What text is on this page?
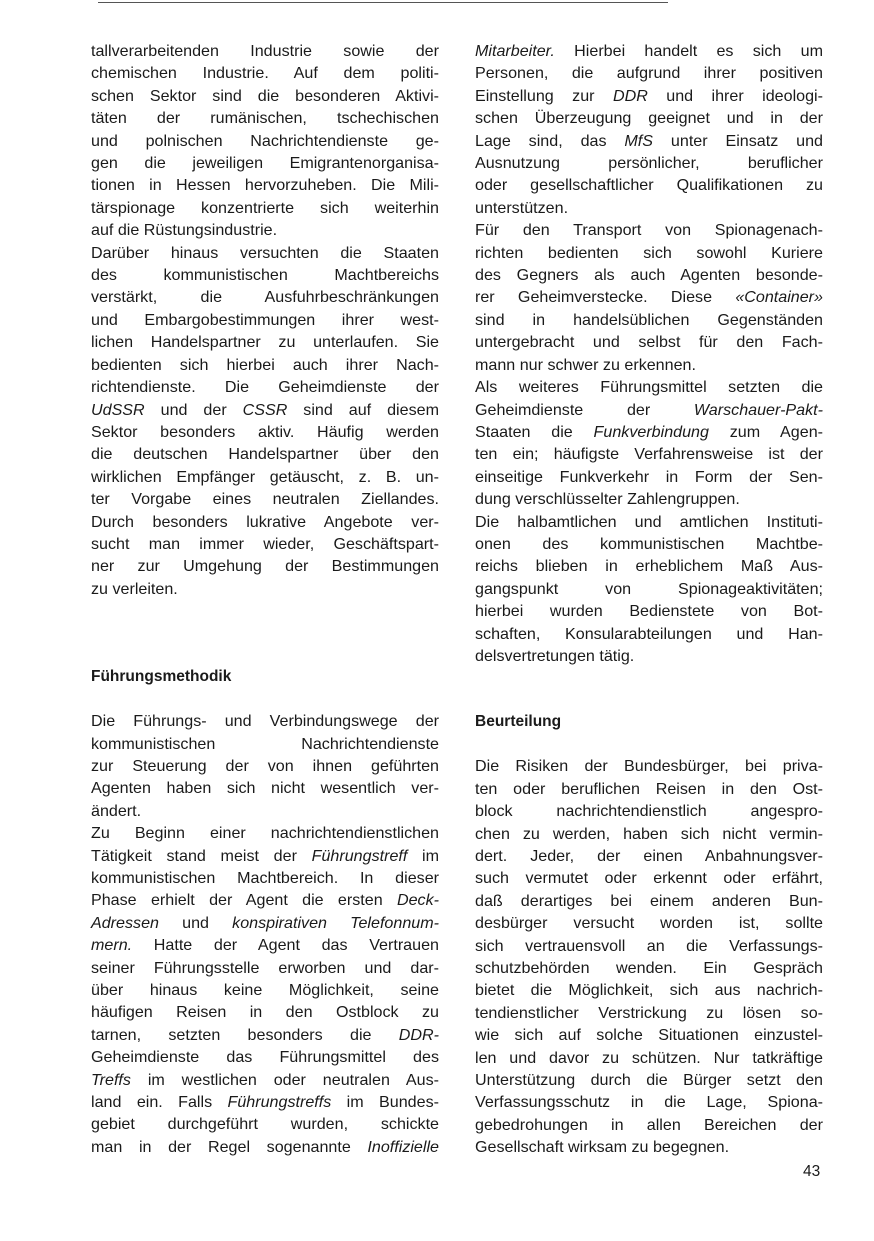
tallverarbeitenden Industrie sowie der
chemischen Industrie. Auf dem politi-
schen Sektor sind die besonderen Aktivi-
täten der rumänischen, tschechischen
und polnischen Nachrichtendienste ge-
gen die jeweiligen Emigrantenorganisa-
tionen in Hessen hervorzuheben. Die Mili-
tärspionage konzentrierte sich weiterhin
auf die Rüstungsindustrie.
Darüber hinaus versuchten die Staaten
des kommunistischen Machtbereichs
verstärkt, die Ausfuhrbeschränkungen
und Embargobestimmungen ihrer west-
lichen Handelspartner zu unterlaufen. Sie
bedienten sich hierbei auch ihrer Nach-
richtendienste. Die Geheimdienste der
UdSSR und der CSSR sind auf diesem
Sektor besonders aktiv. Häufig werden
die deutschen Handelspartner über den
wirklichen Empfänger getäuscht, z. B. un-
ter Vorgabe eines neutralen Ziellandes.
Durch besonders lukrative Angebote ver-
sucht man immer wieder, Geschäftspart-
ner zur Umgehung der Bestimmungen
zu verleiten.
Führungsmethodik
Die Führungs- und Verbindungswege der
kommunistischen Nachrichtendienste
zur Steuerung der von ihnen geführten
Agenten haben sich nicht wesentlich ver-
ändert.
Zu Beginn einer nachrichtendienstlichen
Tätigkeit stand meist der Führungstreff im
kommunistischen Machtbereich. In dieser
Phase erhielt der Agent die ersten Deck-
Adressen und konspirativen Telefonnum-
mern. Hatte der Agent das Vertrauen
seiner Führungsstelle erworben und dar-
über hinaus keine Möglichkeit, seine
häufigen Reisen in den Ostblock zu
tarnen, setzten besonders die DDR-
Geheimdienste das Führungsmittel des
Treffs im westlichen oder neutralen Aus-
land ein. Falls Führungstreffs im Bundes-
gebiet durchgeführt wurden, schickte
man in der Regel sogenannte Inoffizielle
Mitarbeiter. Hierbei handelt es sich um
Personen, die aufgrund ihrer positiven
Einstellung zur DDR und ihrer ideologi-
schen Überzeugung geeignet und in der
Lage sind, das MfS unter Einsatz und
Ausnutzung persönlicher, beruflicher
oder gesellschaftlicher Qualifikationen zu
unterstützen.
Für den Transport von Spionagenach-
richten bedienten sich sowohl Kuriere
des Gegners als auch Agenten besonde-
rer Geheimverstecke. Diese «Container»
sind in handelsüblichen Gegenständen
untergebracht und selbst für den Fach-
mann nur schwer zu erkennen.
Als weiteres Führungsmittel setzten die
Geheimdienste der Warschauer-Pakt-
Staaten die Funkverbindung zum Agen-
ten ein; häufigste Verfahrensweise ist der
einseitige Funkverkehr in Form der Sen-
dung verschlüsselter Zahlengruppen.
Die halbamtlichen und amtlichen Instituti-
onen des kommunistischen Machtbe-
reichs blieben in erheblichem Maß Aus-
gangspunkt von Spionageaktivitäten;
hierbei wurden Bedienstete von Bot-
schaften, Konsularabteilungen und Han-
delsvertretungen tätig.
Beurteilung
Die Risiken der Bundesbürger, bei priva-
ten oder beruflichen Reisen in den Ost-
block nachrichtendienstlich angespro-
chen zu werden, haben sich nicht vermin-
dert. Jeder, der einen Anbahnungsver-
such vermutet oder erkennt oder erfährt,
daß derartiges bei einem anderen Bun-
desbürger versucht worden ist, sollte
sich vertrauensvoll an die Verfassungs-
schutzbehörden wenden. Ein Gespräch
bietet die Möglichkeit, sich aus nachrich-
tendienstlicher Verstrickung zu lösen so-
wie sich auf solche Situationen einzustel-
len und davor zu schützen. Nur tatkräftige
Unterstützung durch die Bürger setzt den
Verfassungsschutz in die Lage, Spiona-
gebedrohungen in allen Bereichen der
Gesellschaft wirksam zu begegnen.
43
